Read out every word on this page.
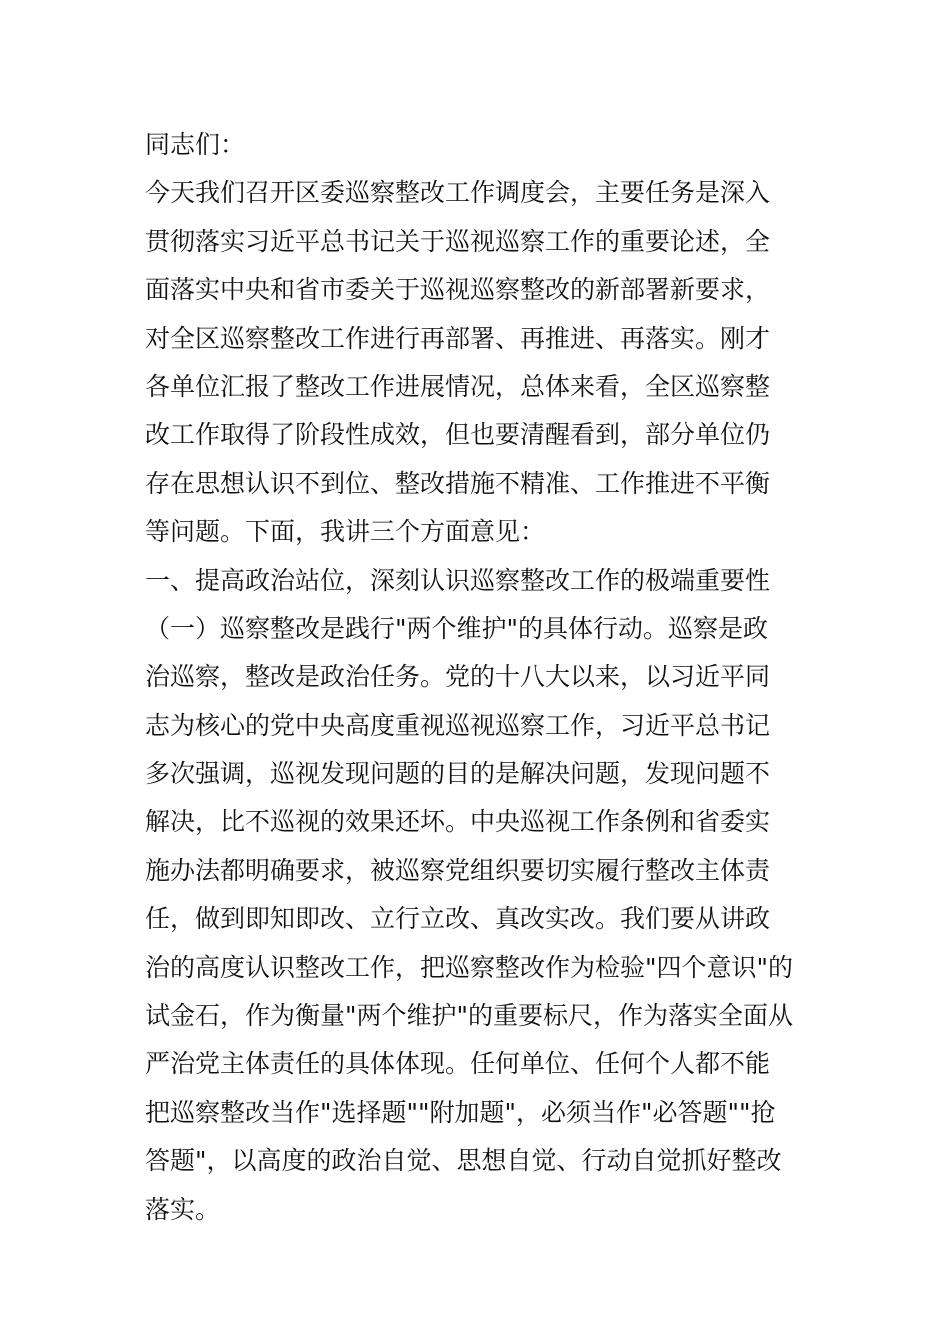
同志们：
今天我们召开区委巡察整改工作调度会，主要任务是深入
贯彻落实习近平总书记关于巡视巡察工作的重要论述，全
面落实中央和省市委关于巡视巡察整改的新部署新要求，
对全区巡察整改工作进行再部署、再推进、再落实。刚才
各单位汇报了整改工作进展情况，总体来看，全区巡察整
改工作取得了阶段性成效，但也要清醒看到，部分单位仍
存在思想认识不到位、整改措施不精准、工作推进不平衡
等问题。下面，我讲三个方面意见：
一、提高政治站位，深刻认识巡察整改工作的极端重要性
（一）巡察整改是践行"两个维护"的具体行动。巡察是政
治巡察，整改是政治任务。党的十八大以来，以习近平同
志为核心的党中央高度重视巡视巡察工作，习近平总书记
多次强调，巡视发现问题的目的是解决问题，发现问题不
解决，比不巡视的效果还坏。中央巡视工作条例和省委实
施办法都明确要求，被巡察党组织要切实履行整改主体责
任，做到即知即改、立行立改、真改实改。我们要从讲政
治的高度认识整改工作，把巡察整改作为检验"四个意识"的
试金石，作为衡量"两个维护"的重要标尺，作为落实全面从
严治党主体责任的具体体现。任何单位、任何个人都不能
把巡察整改当作"选择题""附加题"，必须当作"必答题""抢
答题"，以高度的政治自觉、思想自觉、行动自觉抓好整改
落实。
